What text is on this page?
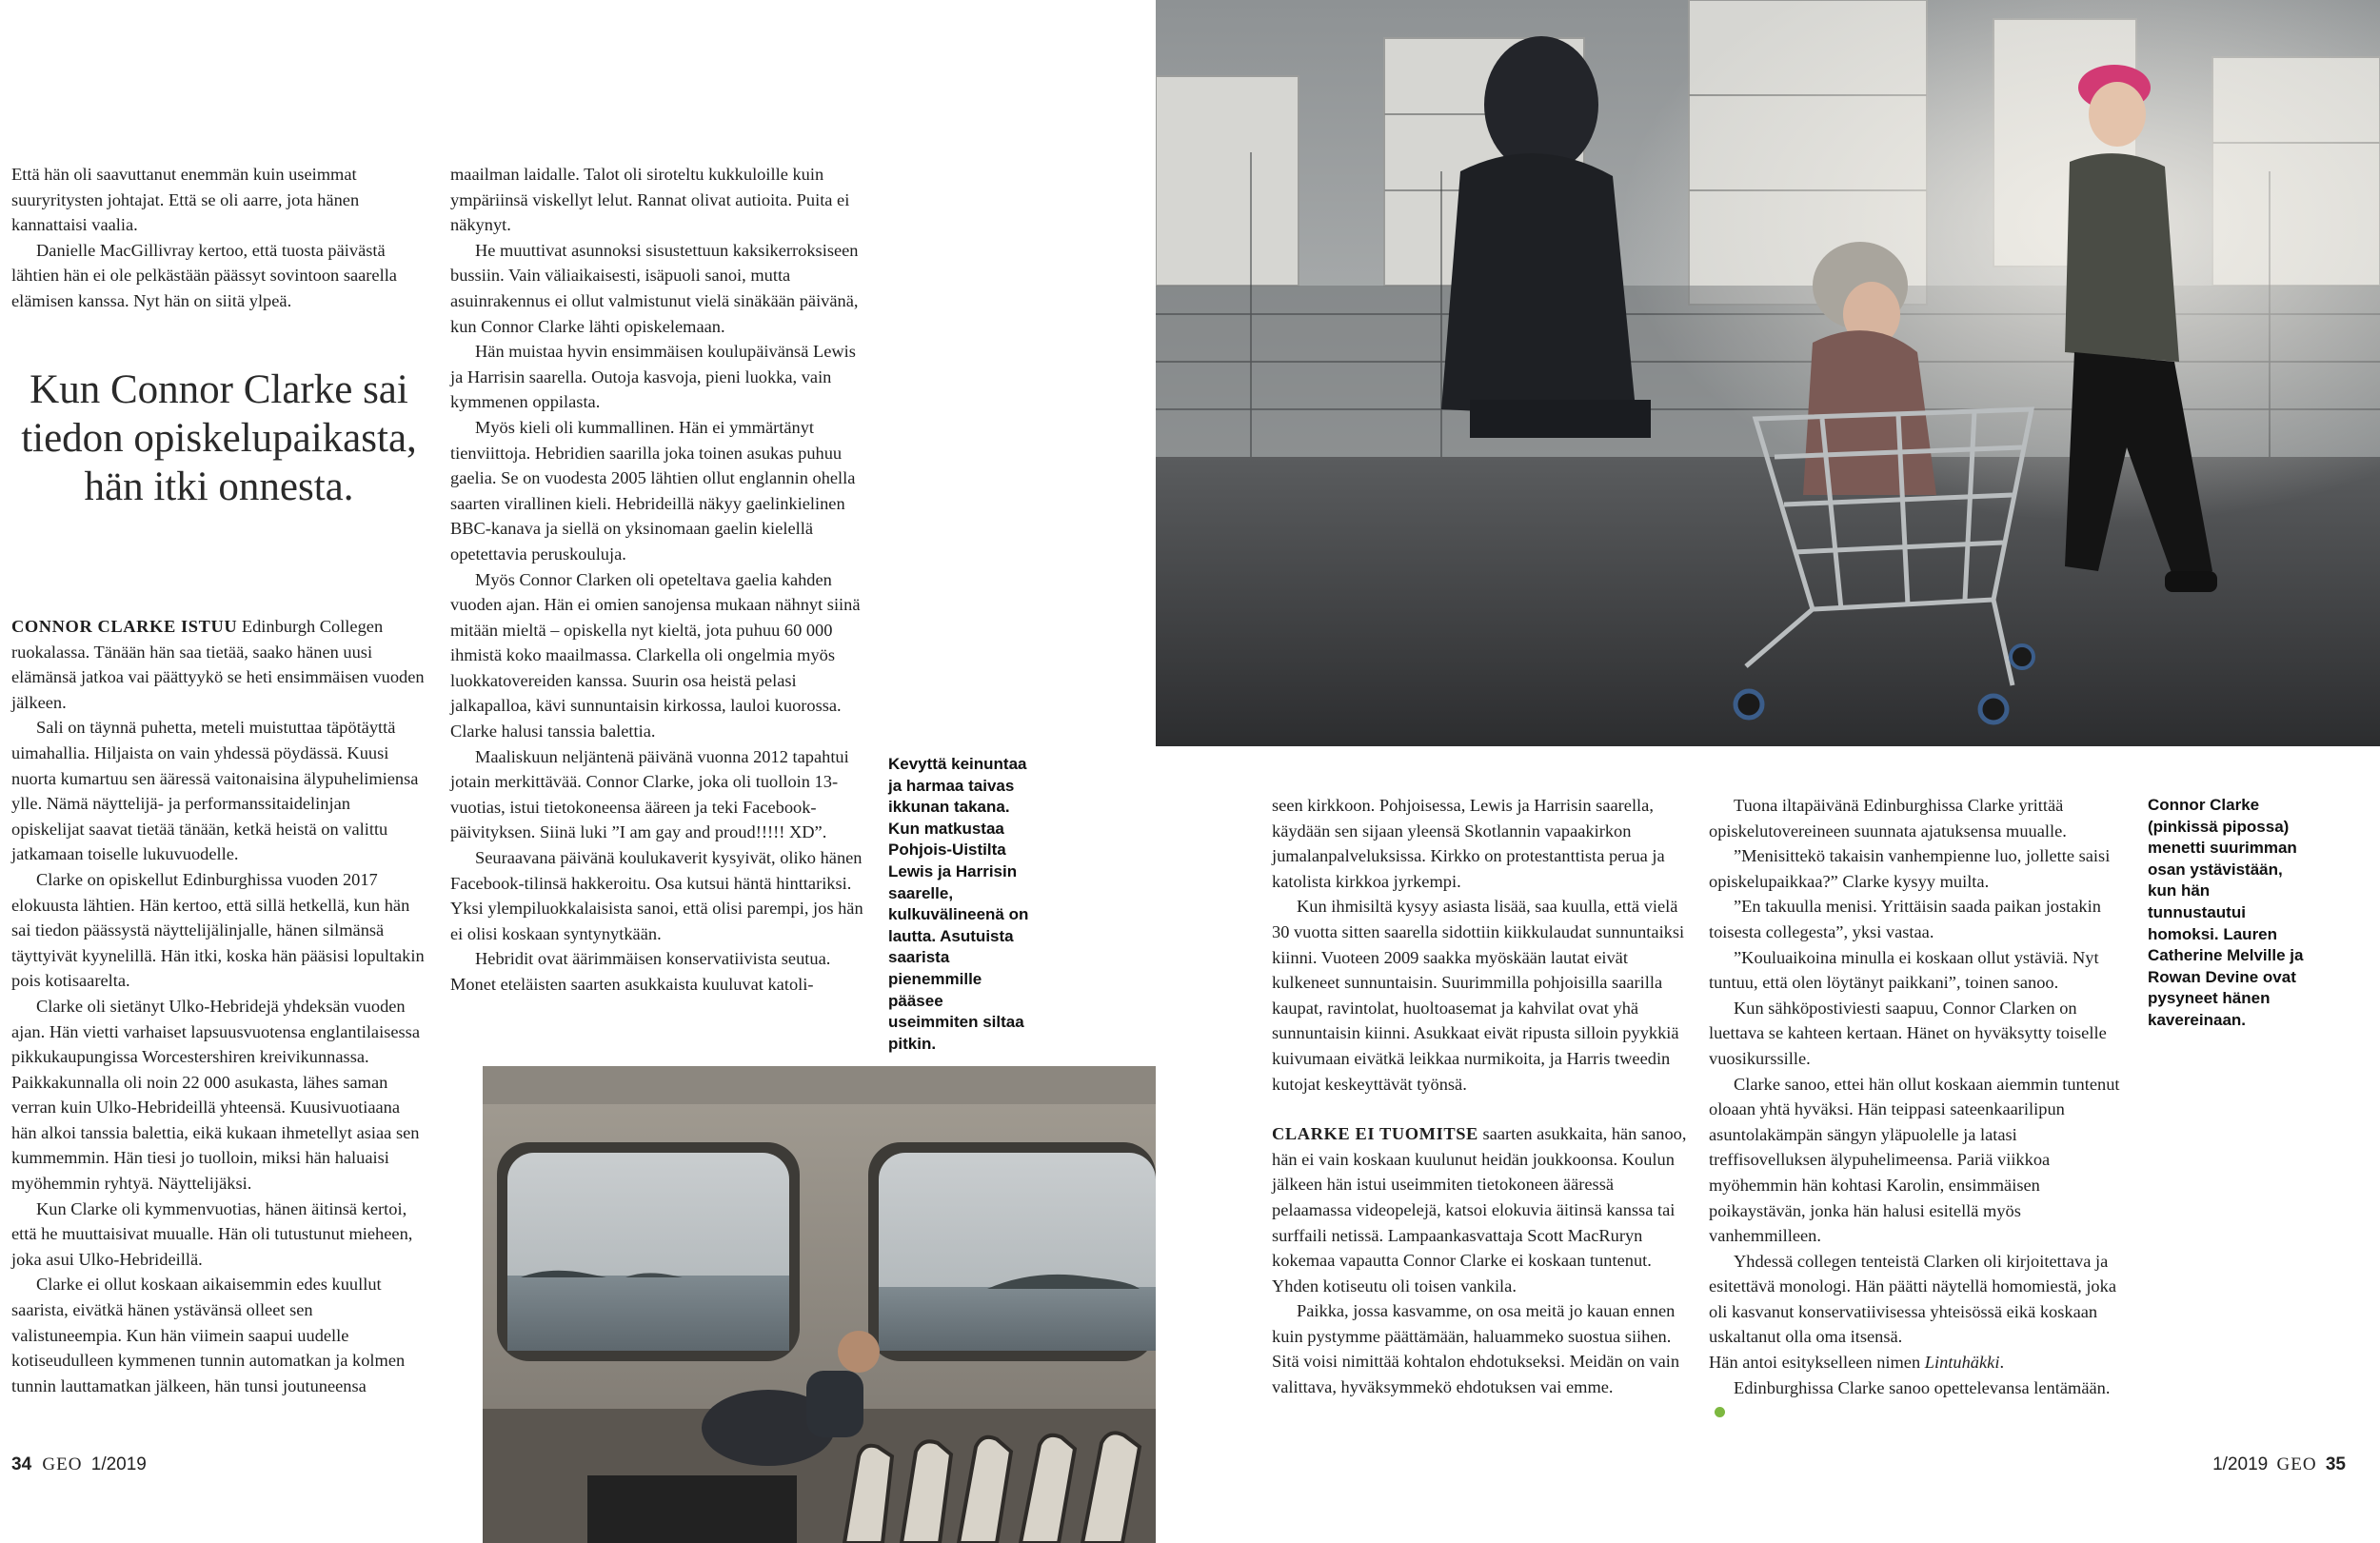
Että hän oli saavuttanut enemmän kuin useimmat suuryritysten johtajat. Että se oli aarre, jota hänen kannattaisi vaalia.

Danielle MacGillivray kertoo, että tuosta päivästä lähtien hän ei ole pelkästään päässyt sovintoon saarella elämisen kanssa. Nyt hän on siitä ylpeä.

Kun Connor Clarke sai tiedon opiskelupaikasta, hän itki onnesta.

CONNOR CLARKE ISTUU Edinburgh Collegen ruokalassa. Tänään hän saa tietää, saako hänen uusi elämänsä jatkoa vai päättyykö se heti ensimmäisen vuoden jälkeen.

Sali on täynnä puhetta, meteli muistuttaa täpötäyttä uimahallia. Hiljaista on vain yhdessä pöydässä. Kuusi nuorta kumartuu sen ääressä vaitonaisina älypuhelimiensa ylle. Nämä näyttelijä- ja performanssitaidelinjan opiskelijat saavat tietää tänään, ketkä heistä on valittu jatkamaan toiselle lukuvuodelle.

Clarke on opiskellut Edinburghissa vuoden 2017 elokuusta lähtien. Hän kertoo, että sillä hetkellä, kun hän sai tiedon päässystä näyttelijälinjalle, hänen silmänsä täyttyivät kyynelillä. Hän itki, koska hän pääsisi lopultakin pois kotisaarelta.

Clarke oli sietänyt Ulko-Hebridejä yhdeksän vuoden ajan. Hän vietti varhaiset lapsuusvuotensa englantilaisessa pikkukaupungissa Worcestershiren kreivikunnassa. Paikkakunnalla oli noin 22 000 asukasta, lähes saman verran kuin Ulko-Hebrideillä yhteensä. Kuusivuotiaana hän alkoi tanssia balettia, eikä kukaan ihmetellyt asiaa sen kummemmin. Hän tiesi jo tuolloin, miksi hän haluaisi myöhemmin ryhtyä. Näyttelijäksi.

Kun Clarke oli kymmenvuotias, hänen äitinsä kertoi, että he muuttaisivat muualle. Hän oli tutustunut mieheen, joka asui Ulko-Hebrideillä.

Clarke ei ollut koskaan aikaisemmin edes kuullut saarista, eivätkä hänen ystävänsä olleet sen valistuneempia. Kun hän viimein saapui uudelle kotiseudulleen kymmenen tunnin automatkan ja kolmen tunnin lauttamatkan jälkeen, hän tunsi joutuneensa

maailman laidalle. Talot oli siroteltu kukkuloille kuin ympäriinsä viskellyt lelut. Rannat olivat autioita. Puita ei näkynyt.

He muuttivat asunnoksi sisustettuun kaksikerroksiseen bussiin. Vain väliaikaisesti, isäpuoli sanoi, mutta asuinrakennus ei ollut valmistunut vielä sinäkään päivänä, kun Connor Clarke lähti opiskelemaan.

Hän muistaa hyvin ensimmäisen koulupäivänsä Lewis ja Harrisin saarella. Outoja kasvoja, pieni luokka, vain kymmenen oppilasta.

Myös kieli oli kummallinen. Hän ei ymmärtänyt tienviittoja. Hebridien saarilla joka toinen asukas puhuu gaelia. Se on vuodesta 2005 lähtien ollut englannin ohella saarten virallinen kieli. Hebrideillä näkyy gaelinkielinen BBC-kanava ja siellä on yksinomaan gaelin kielellä opetettavia peruskouluja.

Myös Connor Clarken oli opeteltava gaelia kahden vuoden ajan. Hän ei omien sanojensa mukaan nähnyt siinä mitään mieltä – opiskella nyt kieltä, jota puhuu 60 000 ihmistä koko maailmassa. Clarkella oli ongelmia myös luokkatovereiden kanssa. Suurin osa heistä pelasi jalkapalloa, kävi sunnuntaisin kirkossa, lauloi kuorossa. Clarke halusi tanssia balettia.

Maaliskuun neljäntenä päivänä vuonna 2012 tapahtui jotain merkittävää. Connor Clarke, joka oli tuolloin 13-vuotias, istui tietokoneensa ääreen ja teki Facebook-päivityksen. Siinä luki ”I am gay and proud!!!!! XD”.

Seuraavana päivänä koulukaverit kysyivät, oliko hänen Facebook-tilinsä hakkeroitu. Osa kutsui häntä hinttariksi. Yksi ylempiluokkalaisista sanoi, että olisi parempi, jos hän ei olisi koskaan syntynytkään.

Hebridit ovat äärimmäisen konservatiivista seutua. Monet eteläisten saarten asukkaista kuuluvat katoli-

Kevyttä keinuntaa ja harmaa taivas ikkunan takana. Kun matkustaa Pohjois-Uistilta Lewis ja Harrisin saarelle, kulkuvälineenä on lautta. Asutuista saarista pienemmille pääsee useimmiten siltaa pitkin.
34 GEO 1/2019

seen kirkkoon. Pohjoisessa, Lewis ja Harrisin saarella, käydään sen sijaan yleensä Skotlannin vapaakirkon jumalanpalveluksissa. Kirkko on protestanttista perua ja katolista kirkkoa jyrkempi.

Kun ihmisiltä kysyy asiasta lisää, saa kuulla, että vielä 30 vuotta sitten saarella sidottiin kiikkulaudat sunnuntaiksi kiinni. Vuoteen 2009 saakka myöskään lautat eivät kulkeneet sunnuntaisin. Suurimmilla pohjoisilla saarilla kaupat, ravintolat, huoltoasemat ja kahvilat ovat yhä sunnuntaisin kiinni. Asukkaat eivät ripusta silloin pyykkiä kuivumaan eivätkä leikkaa nurmikoita, ja Harris tweedin kutojat keskeyttävät työnsä.

CLARKE EI TUOMITSE saarten asukkaita, hän sanoo, hän ei vain koskaan kuulunut heidän joukkoonsa. Koulun jälkeen hän istui useimmiten tietokoneen ääressä pelaamassa videopelejä, katsoi elokuvia äitinsä kanssa tai surffaili netissä. Lampaankasvattaja Scott MacRuryn kokemaa vapautta Connor Clarke ei koskaan tuntenut. Yhden kotiseutu oli toisen vankila.

Paikka, jossa kasvamme, on osa meitä jo kauan ennen kuin pystymme päättämään, haluammeko suostua siihen. Sitä voisi nimittää kohtalon ehdotukseksi. Meidän on vain valittava, hyväksymmekö ehdotuksen vai emme.

Tuona iltapäivänä Edinburghissa Clarke yrittää opiskelutovereineen suunnata ajatuksensa muualle.

”Menisittekö takaisin vanhempienne luo, jollette saisi opiskelupaikkaa?” Clarke kysyy muilta.

”En takuulla menisi. Yrittäisin saada paikan jostakin toisesta collegesta”, yksi vastaa.

”Kouluaikoina minulla ei koskaan ollut ystäviä. Nyt tuntuu, että olen löytänyt paikkani”, toinen sanoo.

Kun sähköpostiviesti saapuu, Connor Clarken on luettava se kahteen kertaan. Hänet on hyväksytty toiselle vuosikurssille.

Clarke sanoo, ettei hän ollut koskaan aiemmin tuntenut oloaan yhtä hyväksi. Hän teippasi sateenkaarilipun asuntolakämpän sängyn yläpuolelle ja latasi treffisovelluksen älypuhelimeensa. Pariä viikkoa myöhemmin hän kohtasi Karolin, ensimmäisen poikaystävän, jonka hän halusi esitellä myös vanhemmilleen.

Yhdessä collegen tenteistä Clarken oli kirjoitettava ja esitettävä monologi. Hän päätti näytellä homomiestä, joka oli kasvanut konservatiivisessa yhteisössä eikä koskaan uskaltanut olla oma itsensä.

Hän antoi esitykselleen nimen Lintuhäkki.

Edinburghissa Clarke sanoo opettelevansa lentämään.

Connor Clarke (pinkissä pipossa) menetti suurimman osan ystävistään, kun hän tunnustautui homoksi. Lauren Catherine Melville ja Rowan Devine ovat pysyneet hänen kavereinaan.
1/2019 GEO 35
